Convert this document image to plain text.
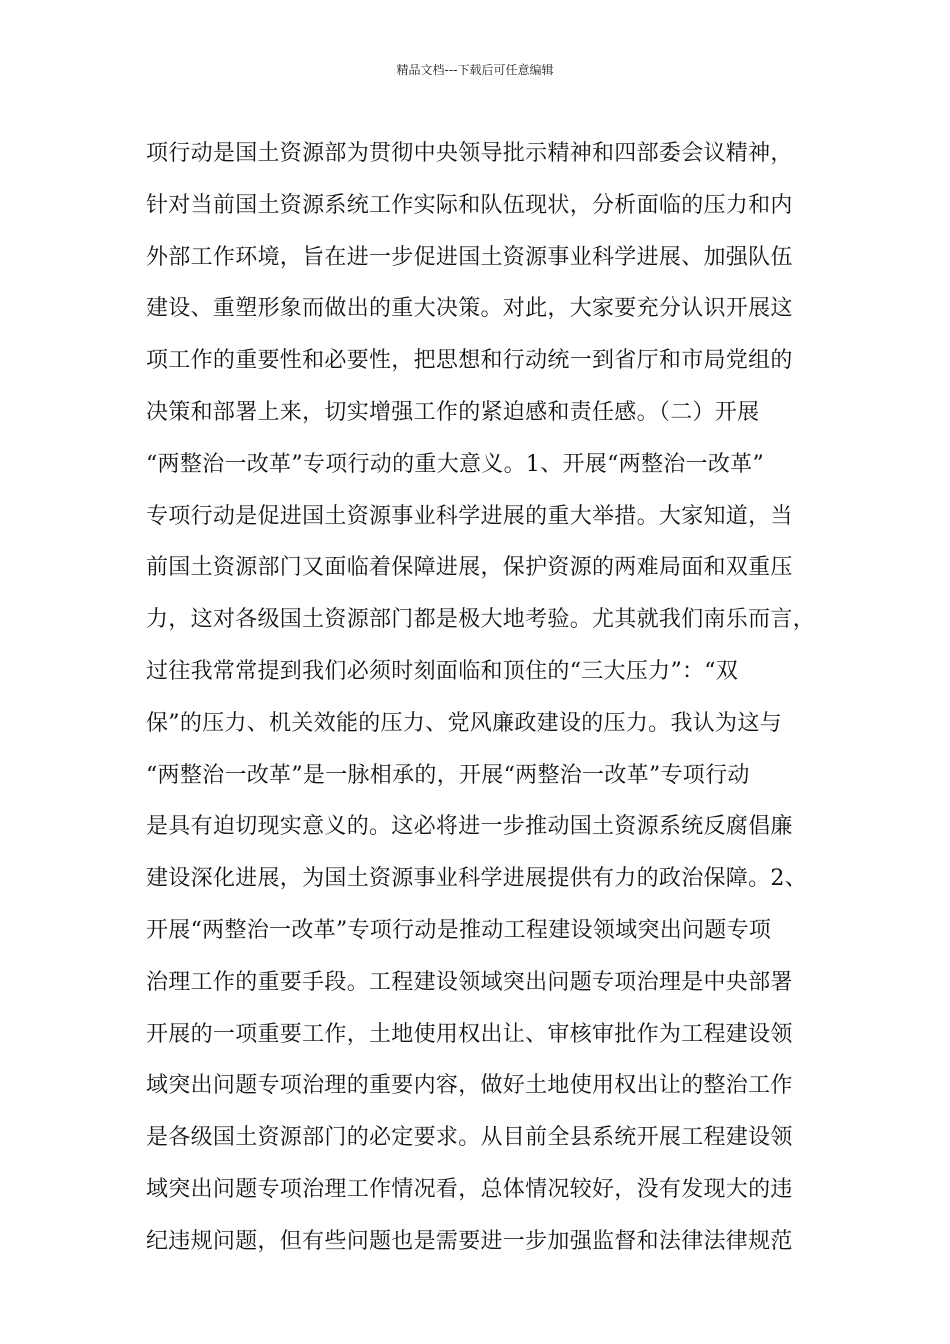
精品文档---下载后可任意编辑
项行动是国土资源部为贯彻中央领导批示精神和四部委会议精神，
针对当前国土资源系统工作实际和队伍现状，分析面临的压力和内
外部工作环境，旨在进一步促进国土资源事业科学进展、加强队伍
建设、重塑形象而做出的重大决策。对此，大家要充分认识开展这
项工作的重要性和必要性，把思想和行动统一到省厅和市局党组的
决策和部署上来，切实增强工作的紧迫感和责任感。（二）开展
“两整治一改革”专项行动的重大意义。1、开展“两整治一改革”
专项行动是促进国土资源事业科学进展的重大举措。大家知道，当
前国土资源部门又面临着保障进展，保护资源的两难局面和双重压
力，这对各级国土资源部门都是极大地考验。尤其就我们南乐而言，
过往我常常提到我们必须时刻面临和顶住的“三大压力”：“双
保”的压力、机关效能的压力、党风廉政建设的压力。我认为这与
“两整治一改革”是一脉相承的，开展“两整治一改革”专项行动
是具有迫切现实意义的。这必将进一步推动国土资源系统反腐倡廉
建设深化进展，为国土资源事业科学进展提供有力的政治保障。2、
开展“两整治一改革”专项行动是推动工程建设领域突出问题专项
治理工作的重要手段。工程建设领域突出问题专项治理是中央部署
开展的一项重要工作，土地使用权出让、审核审批作为工程建设领
域突出问题专项治理的重要内容，做好土地使用权出让的整治工作
是各级国土资源部门的必定要求。从目前全县系统开展工程建设领
域突出问题专项治理工作情况看，总体情况较好，没有发现大的违
纪违规问题，但有些问题也是需要进一步加强监督和法律法律规范
